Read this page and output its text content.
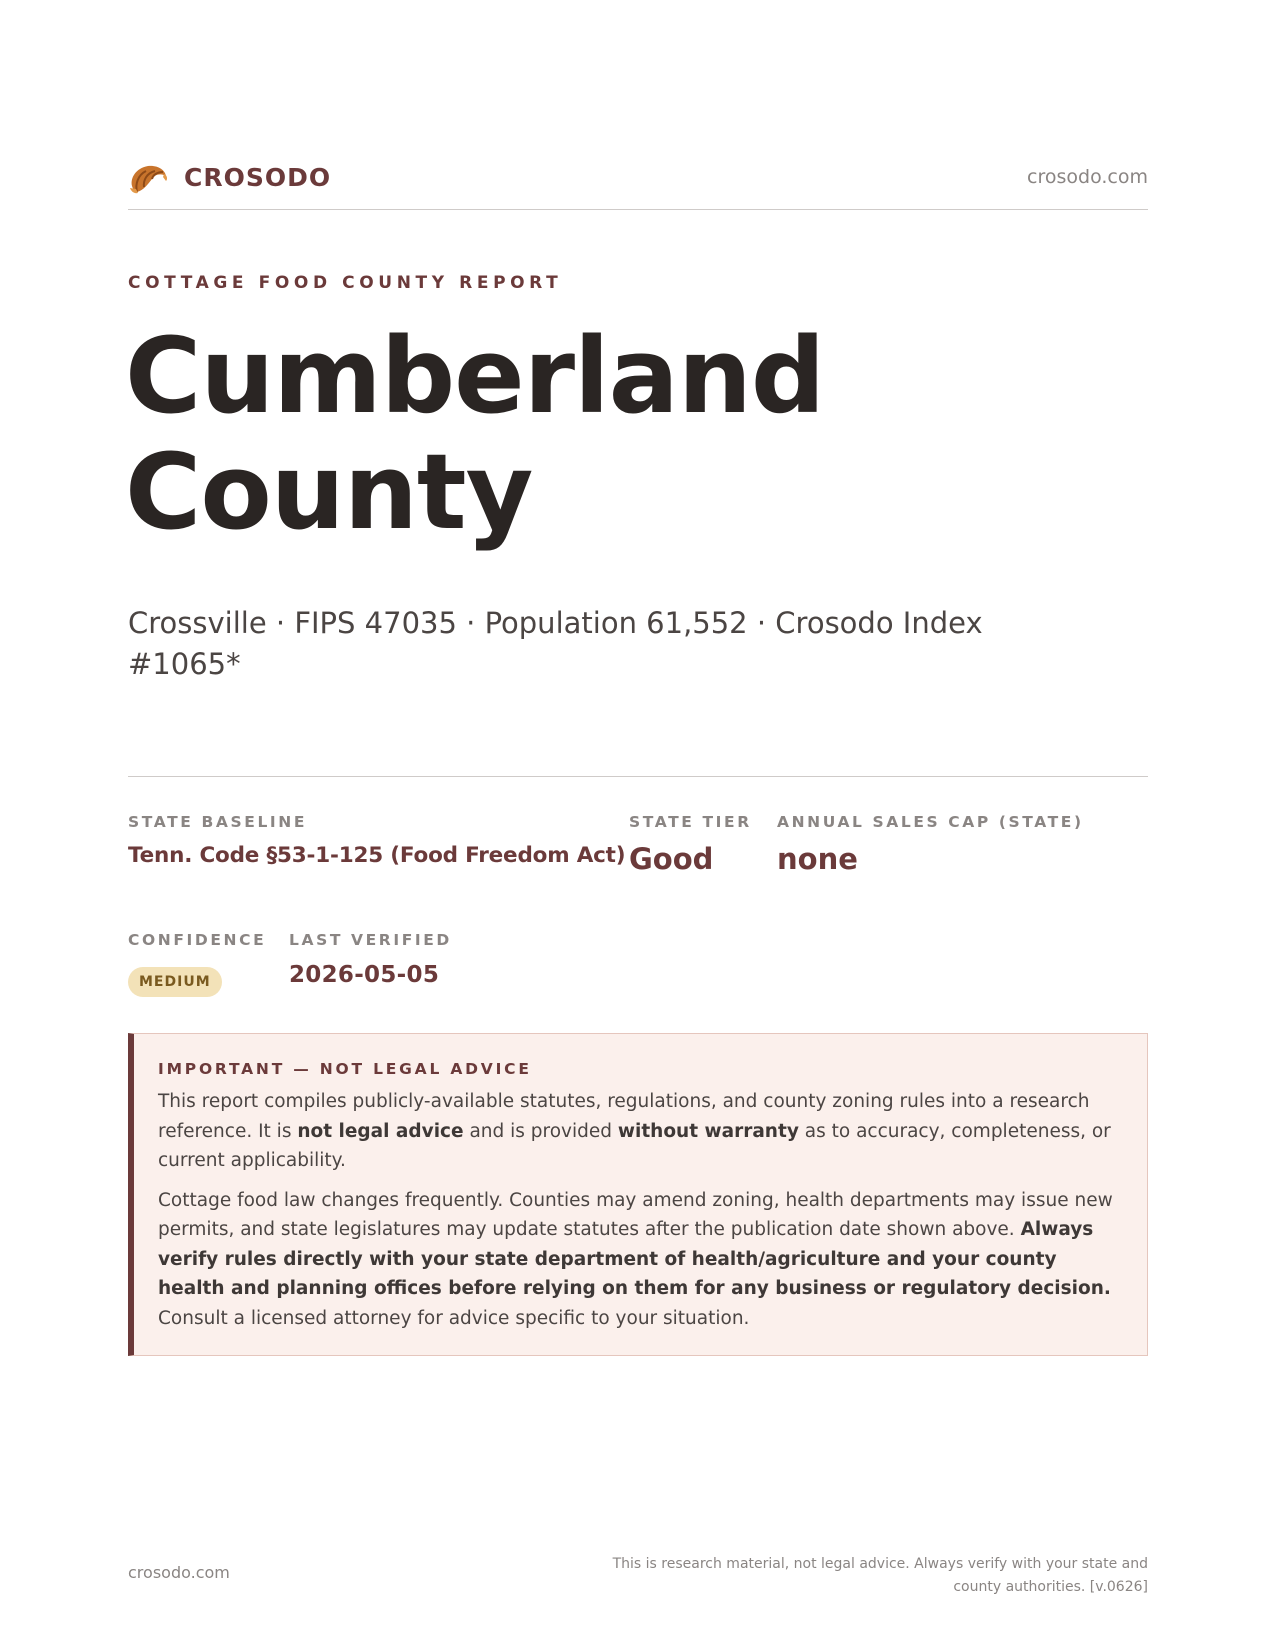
CROSODO	crosodo.com
COTTAGE FOOD COUNTY REPORT
Cumberland
County
Crossville · FIPS 47035 · Population 61,552 · Crosodo Index #1065*
STATE BASELINE
Tenn. Code §53-1-125 (Food Freedom Act)
STATE TIER
Good
ANNUAL SALES CAP (STATE)
none
CONFIDENCE
MEDIUM
LAST VERIFIED
2026-05-05
IMPORTANT — NOT LEGAL ADVICE

This report compiles publicly-available statutes, regulations, and county zoning rules into a research reference. It is not legal advice and is provided without warranty as to accuracy, completeness, or current applicability.

Cottage food law changes frequently. Counties may amend zoning, health departments may issue new permits, and state legislatures may update statutes after the publication date shown above. Always verify rules directly with your state department of health/agriculture and your county health and planning offices before relying on them for any business or regulatory decision. Consult a licensed attorney for advice specific to your situation.

crosodo.com	This is research material, not legal advice. Always verify with your state and county authorities. [v.0626]
